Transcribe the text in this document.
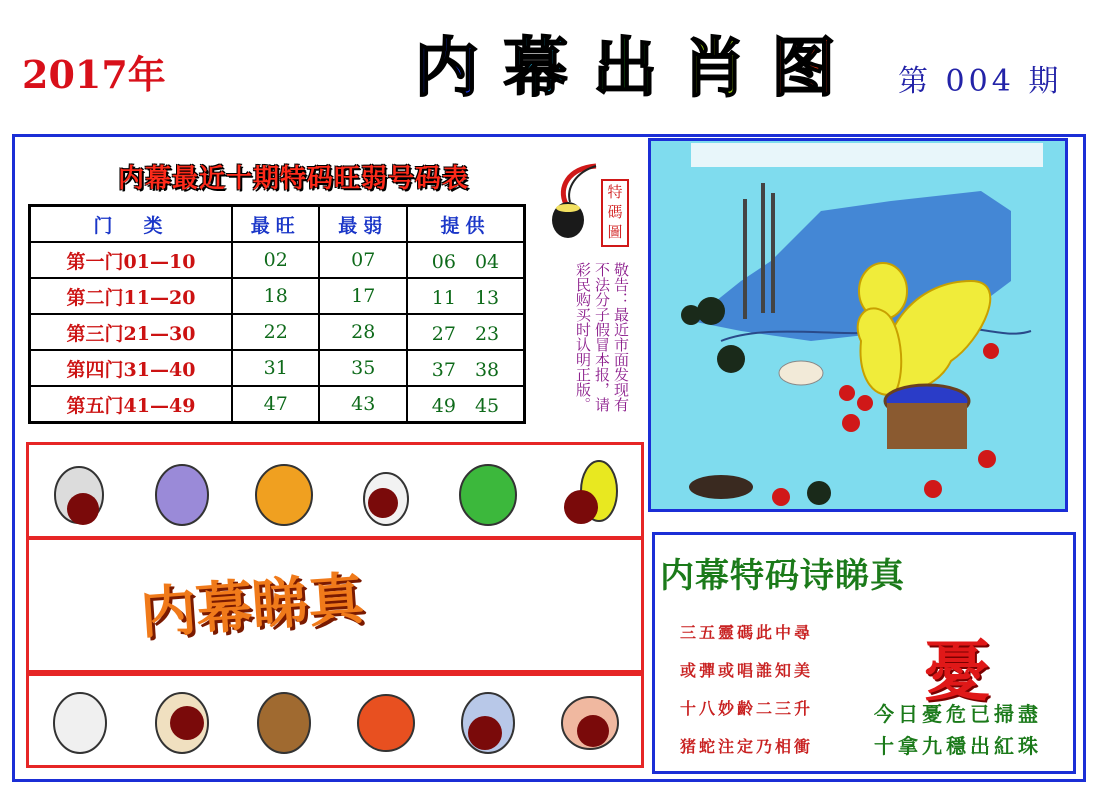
2017年	内 幕 出 肖 图	第 004 期
内幕最近十期特码旺弱号码表
门　类	最旺	最弱	提供
第一门01—10	02	07	06　04
第二门11—20	18	17	11　13
第三门21—30	22	28	27　23
第四门31—40	31	35	37　38
第五门41—49	47	43	49　45
特碼圖
敬告：最近市面发现有不法分子假冒本报，请彩民购买时认明正版。
内幕睇真	内幕特码诗睇真
憂
三五靈碼此中尋
或彈或唱誰知美
十八妙齡二三升
猪蛇注定乃相衝
今日憂危已掃盡
十拿九穩出紅珠
